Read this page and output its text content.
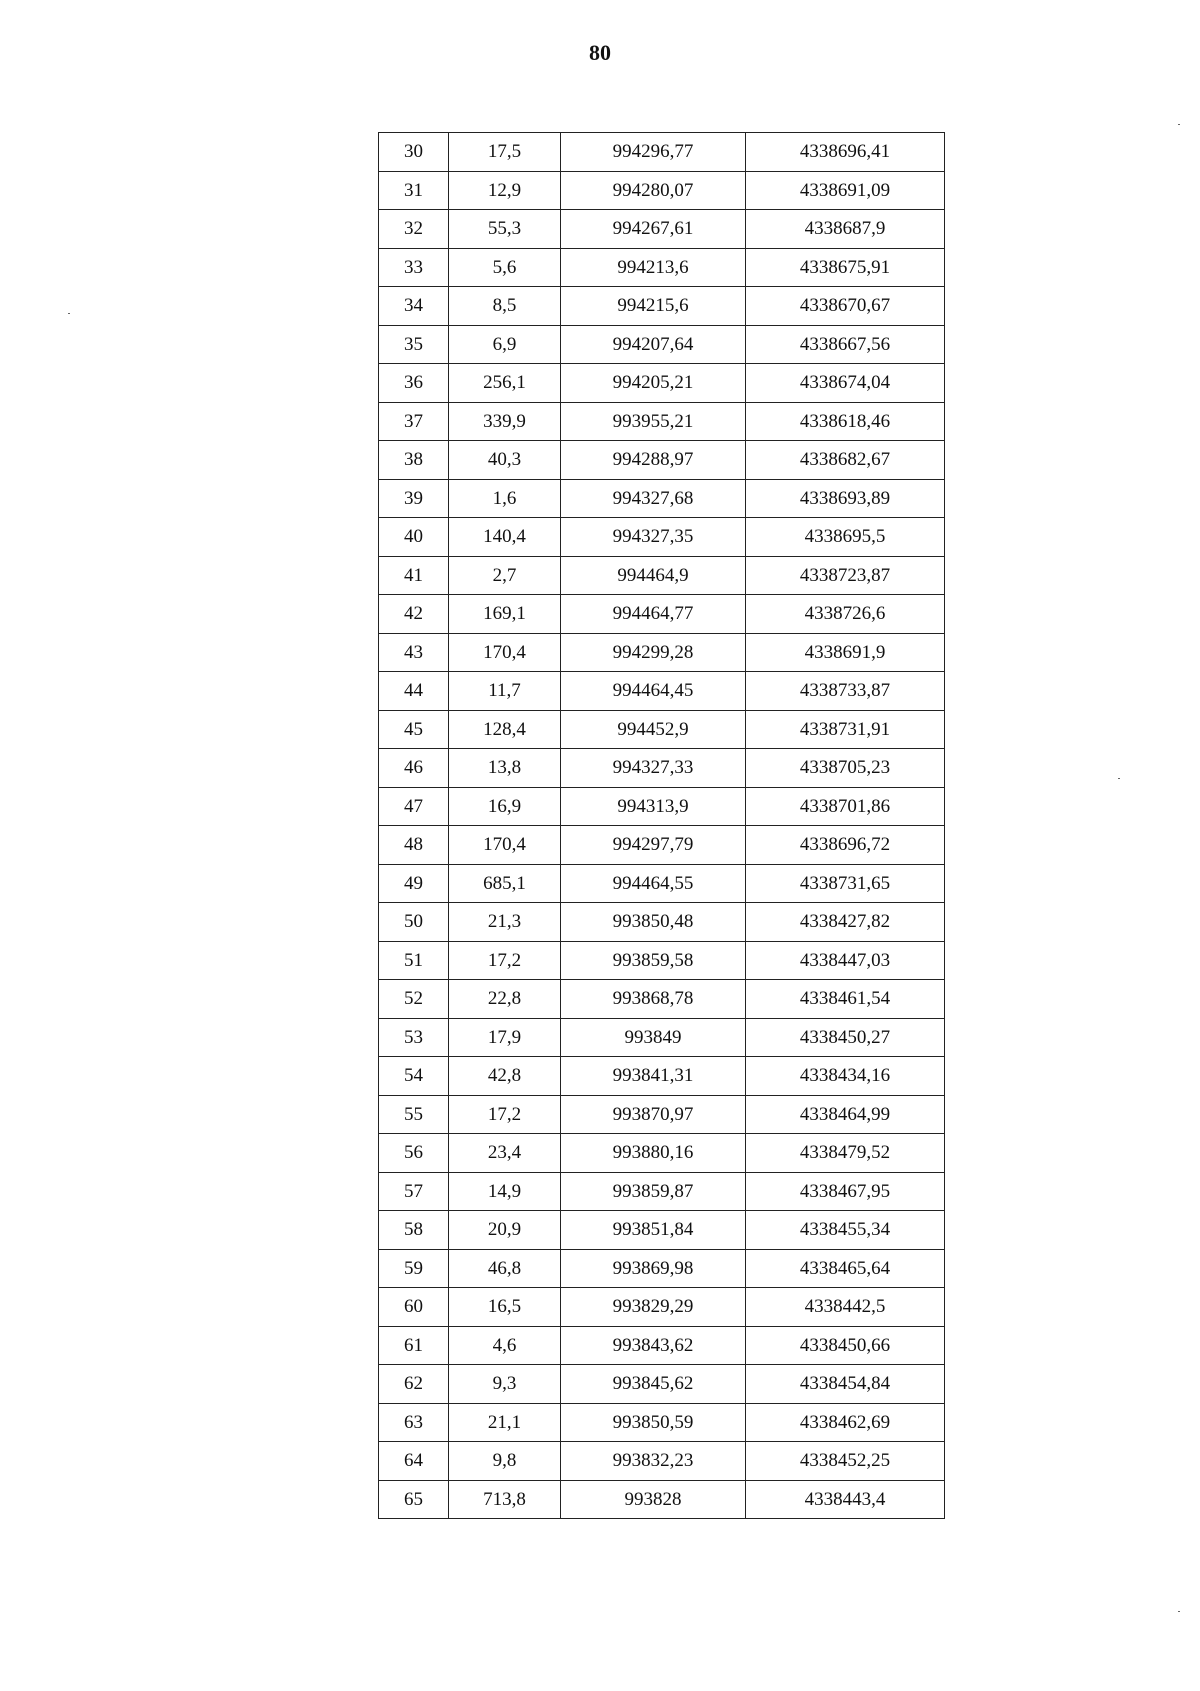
80
30	17,5	994296,77	4338696,41
31	12,9	994280,07	4338691,09
32	55,3	994267,61	4338687,9
33	5,6	994213,6	4338675,91
34	8,5	994215,6	4338670,67
35	6,9	994207,64	4338667,56
36	256,1	994205,21	4338674,04
37	339,9	993955,21	4338618,46
38	40,3	994288,97	4338682,67
39	1,6	994327,68	4338693,89
40	140,4	994327,35	4338695,5
41	2,7	994464,9	4338723,87
42	169,1	994464,77	4338726,6
43	170,4	994299,28	4338691,9
44	11,7	994464,45	4338733,87
45	128,4	994452,9	4338731,91
46	13,8	994327,33	4338705,23
47	16,9	994313,9	4338701,86
48	170,4	994297,79	4338696,72
49	685,1	994464,55	4338731,65
50	21,3	993850,48	4338427,82
51	17,2	993859,58	4338447,03
52	22,8	993868,78	4338461,54
53	17,9	993849	4338450,27
54	42,8	993841,31	4338434,16
55	17,2	993870,97	4338464,99
56	23,4	993880,16	4338479,52
57	14,9	993859,87	4338467,95
58	20,9	993851,84	4338455,34
59	46,8	993869,98	4338465,64
60	16,5	993829,29	4338442,5
61	4,6	993843,62	4338450,66
62	9,3	993845,62	4338454,84
63	21,1	993850,59	4338462,69
64	9,8	993832,23	4338452,25
65	713,8	993828	4338443,4
